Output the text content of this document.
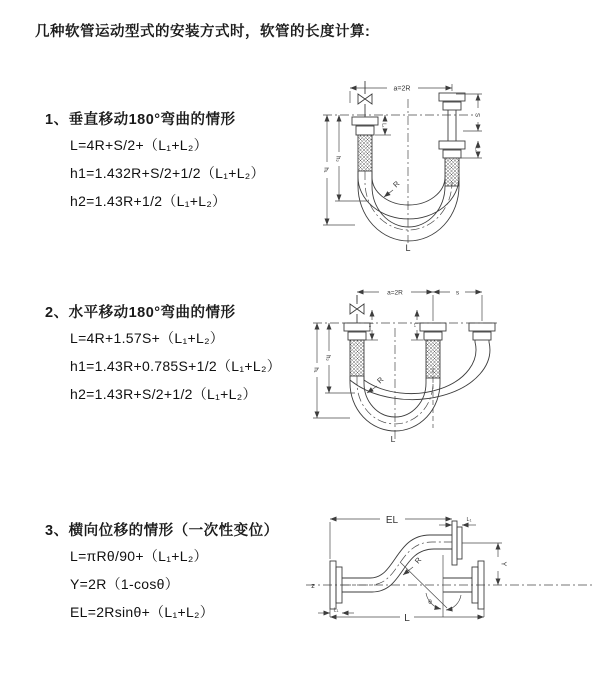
几种软管运动型式的安装方式时，软管的长度计算:
1、垂直移动180°弯曲的情形
L=4R+S/2+（L₁+L₂）
h1=1.432R+S/2+1/2（L₁+L₂）
h2=1.43R+1/2（L₁+L₂）
2、水平移动180°弯曲的情形
L=4R+1.57S+（L₁+L₂）
h1=1.43R+0.785S+1/2（L₁+L₂）
h2=1.43R+S/2+1/2（L₁+L₂）
3、横向位移的情形（一次性变位）
L=πRθ/90+（L₁+L₂）
Y=2R（1-cosθ）
EL=2Rsinθ+（L₁+L₂）
a=2R
L₁
S
L₁
h₁
h₂
R
L
a=2R	s
L₁	L₁
h₁
h₂
R
L
z
θ
EL	L₁
Y
L
L₁
R
